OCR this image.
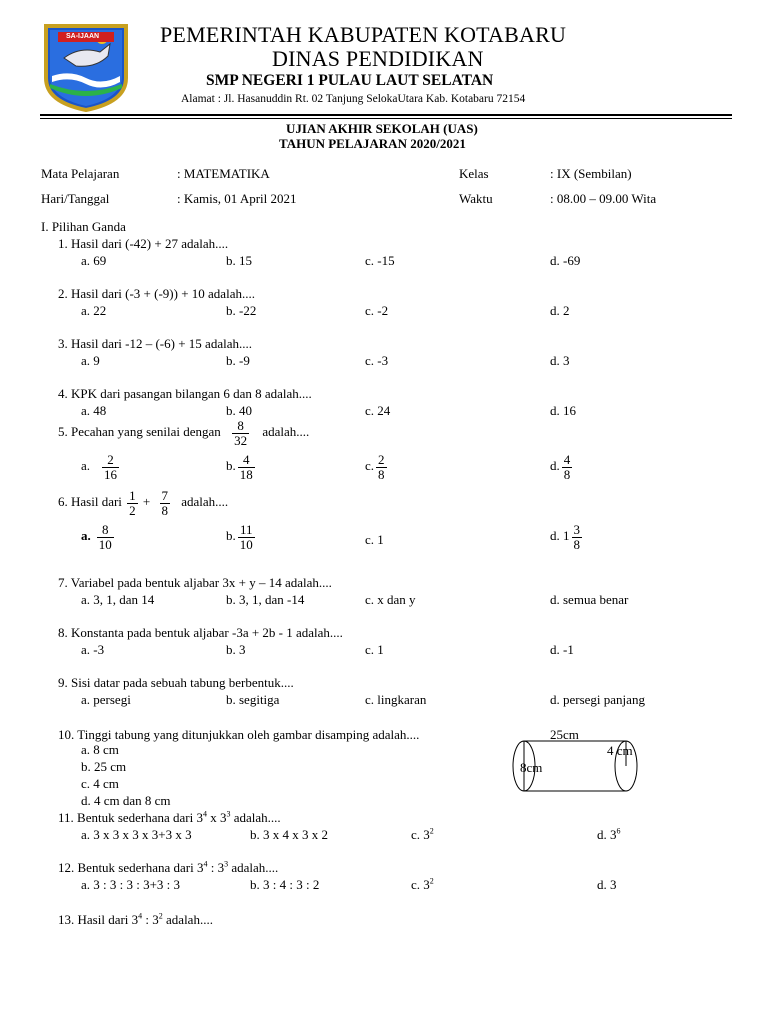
SA-IJAAN	PEMERINTAH KABUPATEN KOTABARU
DINAS PENDIDIKAN
SMP NEGERI 1 PULAU LAUT SELATAN
Alamat : Jl. Hasanuddin Rt. 02 Tanjung SelokaUtara Kab. Kotabaru 72154
UJIAN AKHIR SEKOLAH (UAS)
TAHUN PELAJARAN 2020/2021
Mata Pelajaran	: MATEMATIKA	Kelas	: IX (Sembilan)
Hari/Tanggal	: Kamis, 01 April 2021	Waktu	: 08.00 – 09.00 Wita
I. Pilihan Ganda
1. Hasil dari (-42) + 27 adalah....
a. 69	b. 15	c. -15	d. -69
2. Hasil dari (-3 + (-9)) + 10 adalah....
a. 22	b. -22	c. -2	d. 2
3. Hasil dari -12 – (-6) + 15 adalah....
a. 9	b. -9	c. -3	d. 3
4. KPK dari pasangan bilangan 6 dan 8 adalah....
a. 48	b. 40	c. 24	d. 16
5. Pecahan yang senilai dengan $\frac{8}{32}$ adalah....
a. $\frac{2}{16}$	b. $\frac{4}{18}$	c. $\frac{2}{8}$	d. $\frac{4}{8}$
6. Hasil dari $\frac{1}{2} + \frac{7}{8}$ adalah....
a. $\frac{8}{10}$	b. $\frac{11}{10}$	c. 1	d. $1 \frac{3}{8}$
7. Variabel pada bentuk aljabar 3x + y – 14 adalah....
a. 3, 1, dan 14	b. 3, 1, dan -14	c. x dan y	d. semua benar
8. Konstanta pada bentuk aljabar -3a + 2b - 1 adalah....
a. -3	b. 3	c. 1	d. -1
9. Sisi datar pada sebuah tabung berbentuk....
a. persegi	b. segitiga	c. lingkaran	d. persegi panjang
10. Tinggi tabung yang ditunjukkan oleh gambar disamping adalah....
a. 8 cm
b. 25 cm
c. 4 cm
d. 4 cm dan 8 cm
25cm
4 cm
8cm
11. Bentuk sederhana dari $3^4$ x $3^3$ adalah....
a. 3 x 3 x 3 x 3+3 x 3	b. 3 x 4 x 3 x 2	c. $3^2$	d. $3^6$
12. Bentuk sederhana dari $3^4$ : $3^3$ adalah....
a. 3 : 3 : 3 : 3+3 : 3	b. 3 : 4 : 3 : 2	c. $3^2$	d. 3
13. Hasil dari $3^4$ : $3^2$ adalah....
